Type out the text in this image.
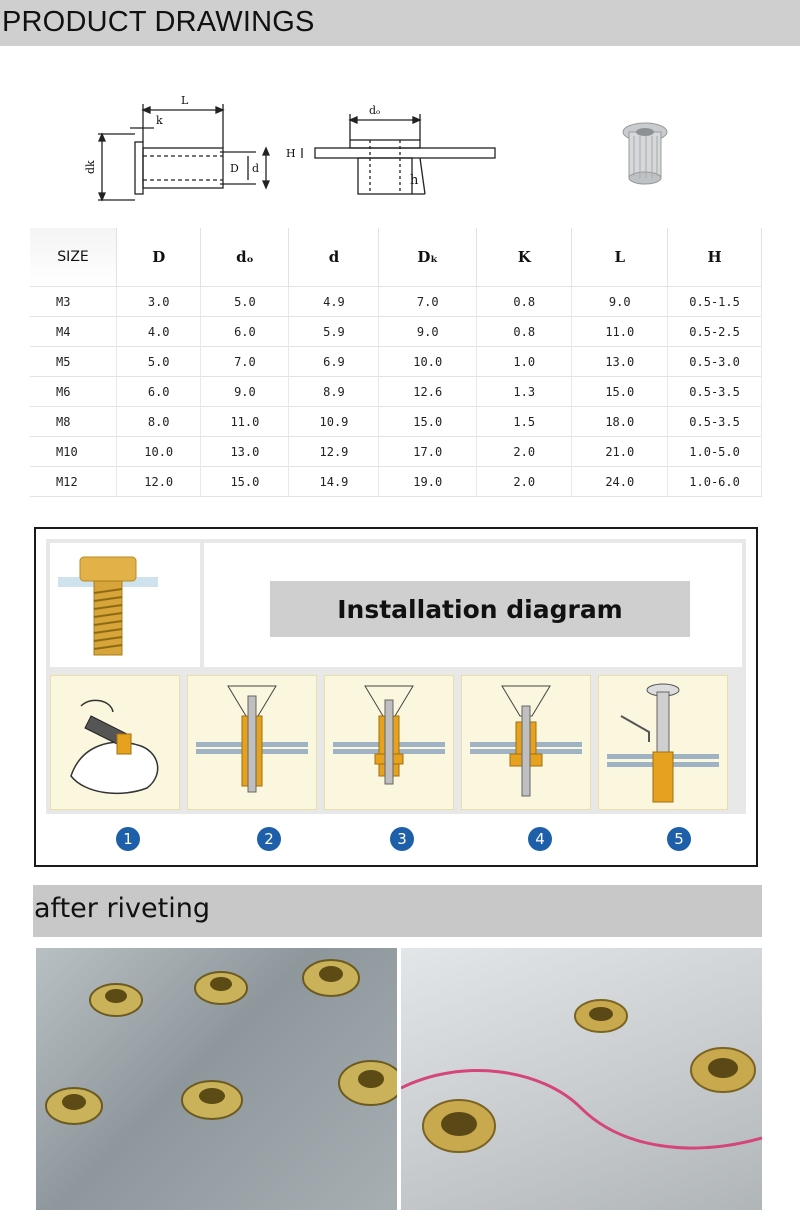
PRODUCT DRAWINGS
L
k
dk	D d
dₒ
H
h
SIZE	D	dₒ	d	Dₖ	K	L	H
M3	3.0	5.0	4.9	7.0	0.8	9.0	0.5-1.5
M4	4.0	6.0	5.9	9.0	0.8	11.0	0.5-2.5
M5	5.0	7.0	6.9	10.0	1.0	13.0	0.5-3.0
M6	6.0	9.0	8.9	12.6	1.3	15.0	0.5-3.5
M8	8.0	11.0	10.9	15.0	1.5	18.0	0.5-3.5
M10	10.0	13.0	12.9	17.0	2.0	21.0	1.0-5.0
M12	12.0	15.0	14.9	19.0	2.0	24.0	1.0-6.0
Installation diagram
1	2	3	4	5
after riveting
